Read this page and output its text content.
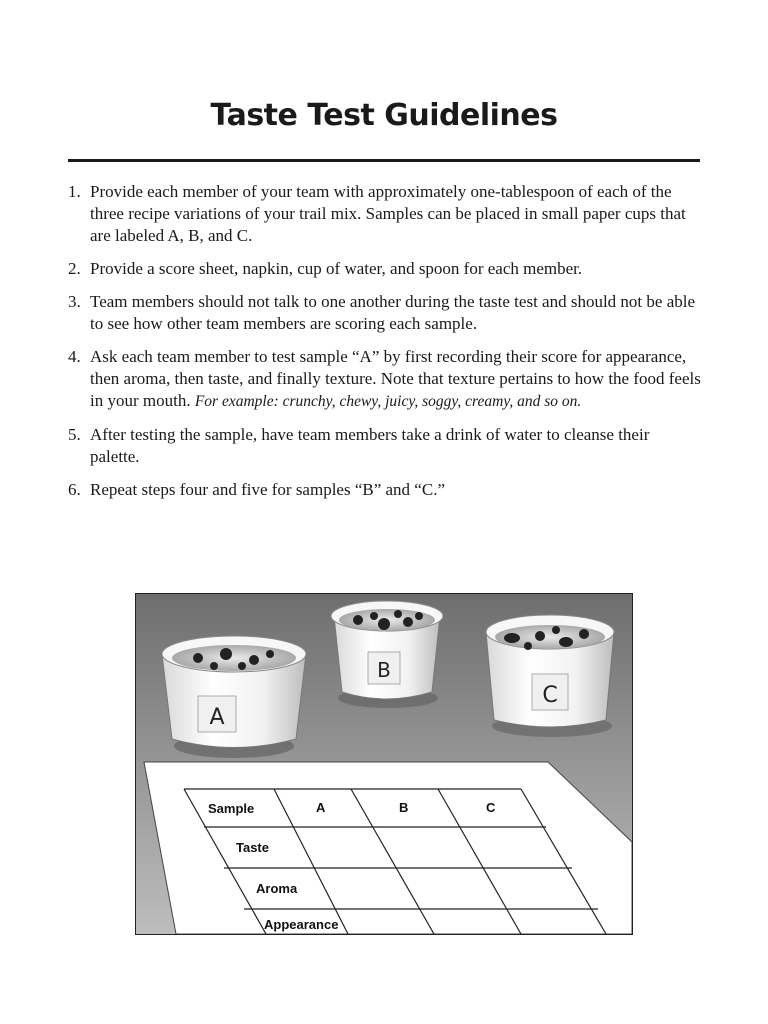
Taste Test Guidelines
1. Provide each member of your team with approximately one-tablespoon of each of the three recipe variations of your trail mix. Samples can be placed in small paper cups that are labeled A, B, and C.
2. Provide a score sheet, napkin, cup of water, and spoon for each member.
3. Team members should not talk to one another during the taste test and should not be able to see how other team members are scoring each sample.
4. Ask each team member to test sample “A” by first recording their score for appearance, then aroma, then taste, and finally texture. Note that texture pertains to how the food feels in your mouth. For example: crunchy, chewy, juicy, soggy, creamy, and so on.
5. After testing the sample, have team members take a drink of water to cleanse their palette.
6. Repeat steps four and five for samples “B” and “C.”
Sample	A	B	C
Taste
Aroma
Appearance
A
B
C
